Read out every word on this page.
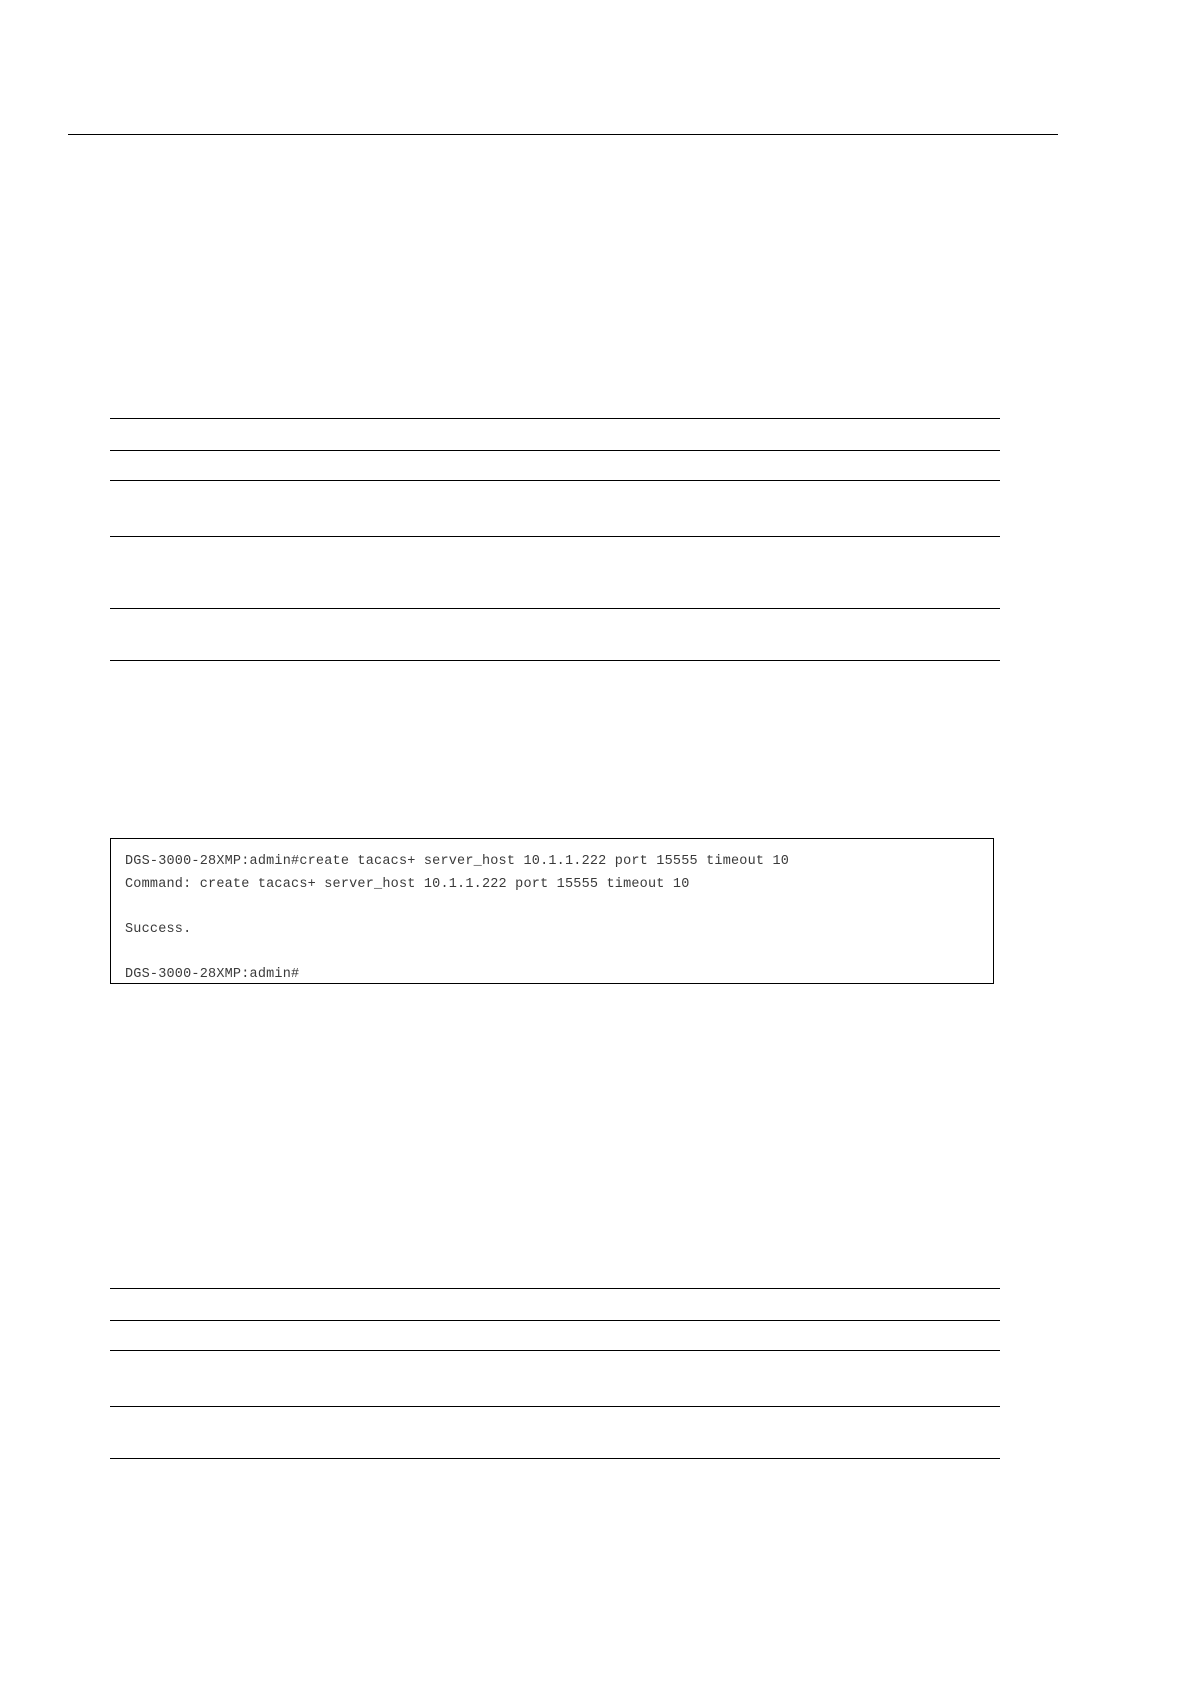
DGS-3000-28XMP:admin#create tacacs+ server_host 10.1.1.222 port 15555 timeout 10
Command: create tacacs+ server_host 10.1.1.222 port 15555 timeout 10
Success.
DGS-3000-28XMP:admin#
